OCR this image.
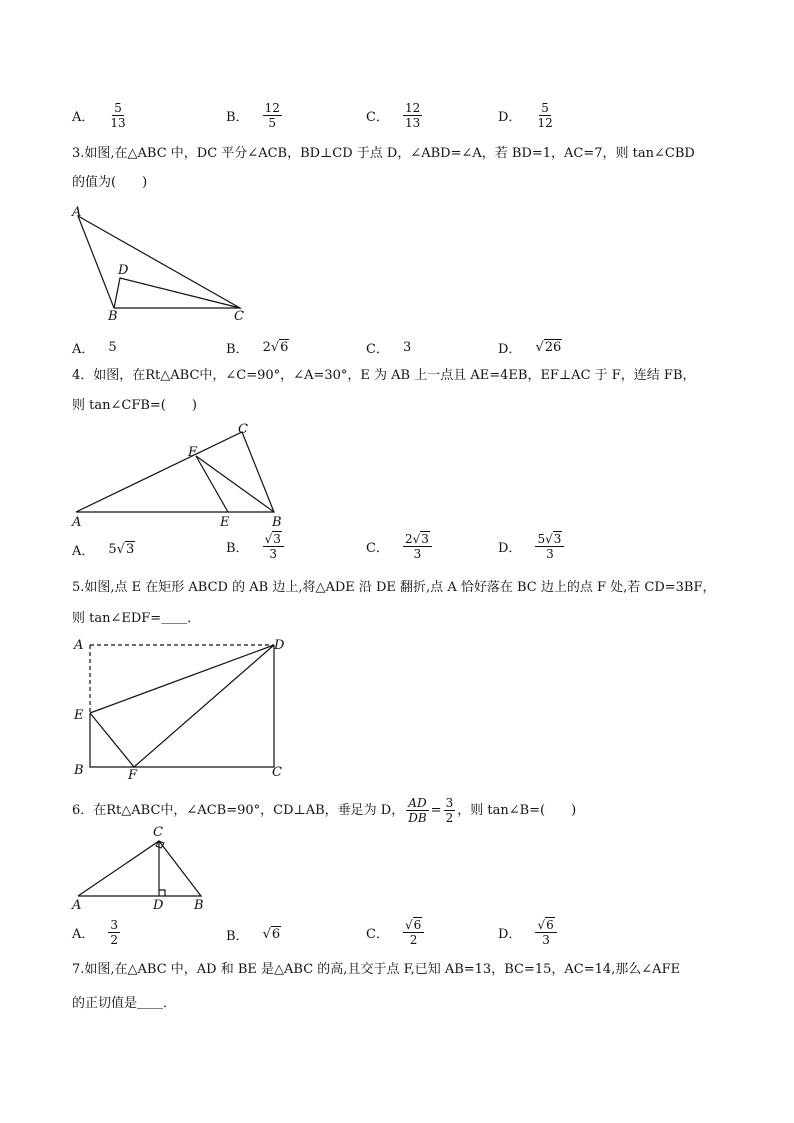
A． $\frac{5}{13}$	B． $\frac{12}{5}$	C． $\frac{12}{13}$	D． $\frac{5}{12}$
3.如图,在△ABC 中，DC 平分∠ACB，BD⊥CD 于点 D，∠ABD=∠A，若 BD=1，AC=7，则 tan∠CBD
的值为(　　)
A
D
B	C
A． 5	B． 2 √6	C． 3	D． √26
4．如图，在Rt△ABC中，∠C=90°，∠A=30°，E 为 AB 上一点且 AE=4EB，EF⊥AC 于 F，连结 FB，
则 tan∠CFB=(　　)
C
F
A	E	B
A． 5 √3	B． $\frac{√3}{3}$	C． $\frac{2√3}{3}$	D． $\frac{5√3}{3}$
5.如图,点 E 在矩形 ABCD 的 AB 边上,将△ADE 沿 DE 翻折,点 A 恰好落在 BC 边上的点 F 处,若 CD=3BF，
则 tan∠EDF=＿＿．
A	D
E
B	F	C
6．在Rt△ABC中，∠ACB=90°，CD⊥AB，垂足为 D， $\frac{AD}{DB} = \frac{3}{2}$ ，则 tan∠B=(　　)
C
A	D B
A． $\frac{3}{2}$	B． √6	C． $\frac{√6}{2}$	D． $\frac{√6}{3}$
7.如图,在△ABC 中，AD 和 BE 是△ABC 的高,且交于点 F,已知 AB=13，BC=15，AC=14,那么∠AFE
的正切值是＿＿．
